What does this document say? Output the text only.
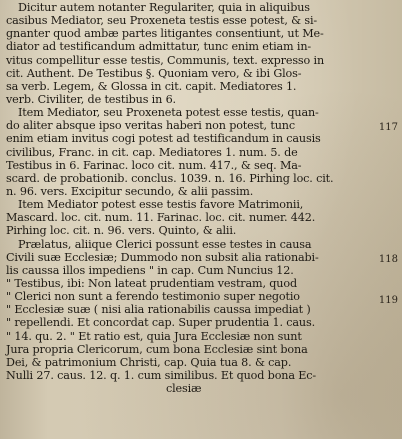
Dicitur autem notanter Regulariter, quia in aliquibus
casibus Mediator, seu Proxeneta testis esse potest, & si-
gnanter quod ambæ partes litigantes consentiunt, ut Me-
diator ad testificandum admittatur, tunc enim etiam in-
vitus compellitur esse testis, Communis, text. expresso in
cit. Authent. De Testibus §. Quoniam vero, & ibi Glos-
sa verb. Legem, & Glossa in cit. capit. Mediatores 1.
verb. Civiliter, de testibus in 6.
Item Mediator, seu Proxeneta potest esse testis, quan-
do aliter absque ipso veritas haberi non potest, tunc
enim etiam invitus cogi potest ad testificandum in causis
civilibus, Franc. in cit. cap. Mediatores 1. num. 5. de
Testibus in 6. Farinac. loco cit. num. 417., & seq. Ma-
scard. de probationib. conclus. 1039. n. 16. Pirhing loc. cit.
n. 96. vers. Excipitur secundo, & alii passim.
Item Mediator potest esse testis favore Matrimonii,
Mascard. loc. cit. num. 11. Farinac. loc. cit. numer. 442.
Pirhing loc. cit. n. 96. vers. Quinto, & alii.
Prælatus, aliique Clerici possunt esse testes in causa
Civili suæ Ecclesiæ; Dummodo non subsit alia rationabi-
lis caussa illos impediens " in cap. Cum Nuncius 12.
" Testibus, ibi: Non lateat prudentiam vestram, quod
" Clerici non sunt a ferendo testimonio super negotio
" Ecclesiæ suæ ( nisi alia rationabilis caussa impediat )
" repellendi. Et concordat cap. Super prudentia 1. caus.
" 14. qu. 2. " Et ratio est, quia Jura Ecclesiæ non sunt
Jura propria Clericorum, cum bona Ecclesiæ sint bona
Dei, & patrimonium Christi, cap. Quia tua 8. & cap.
Nulli 27. caus. 12. q. 1. cum similibus. Et quod bona Ec-
clesiæ
117
118
119
